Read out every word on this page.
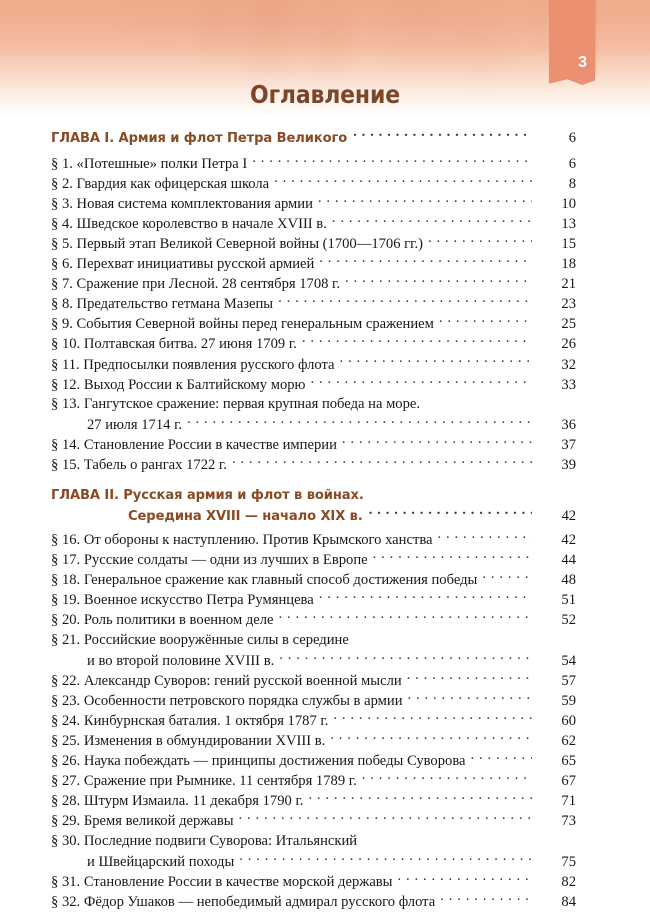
3
Оглавление
ГЛАВА I. Армия и флот Петра Великого . . .	6
§ 1. «Потешные» полки Петра I . . .	6
§ 2. Гвардия как офицерская школа . . .	8
§ 3. Новая система комплектования армии . . .	10
§ 4. Шведское королевство в начале XVIII в. . . .	13
§ 5. Первый этап Великой Северной войны (1700—1706 гг.) . . .	15
§ 6. Перехват инициативы русской армией . . .	18
§ 7. Сражение при Лесной. 28 сентября 1708 г. . . .	21
§ 8. Предательство гетмана Мазепы . . .	23
§ 9. События Северной войны перед генеральным сражением . . .	25
§ 10. Полтавская битва. 27 июня 1709 г. . . .	26
§ 11. Предпосылки появления русского флота . . .	32
§ 12. Выход России к Балтийскому морю . . .	33
§ 13. Гангутское сражение: первая крупная победа на море.
27 июля 1714 г. . . .	36
§ 14. Становление России в качестве империи . . .	37
§ 15. Табель о рангах 1722 г. . . .	39
ГЛАВА II. Русская армия и флот в войнах.
Середина XVIII — начало XIX в. . . .	42
§ 16. От обороны к наступлению. Против Крымского ханства . . .	42
§ 17. Русские солдаты — одни из лучших в Европе . . .	44
§ 18. Генеральное сражение как главный способ достижения победы . . .	48
§ 19. Военное искусство Петра Румянцева . . .	51
§ 20. Роль политики в военном деле . . .	52
§ 21. Российские вооружённые силы в середине
и во второй половине XVIII в. . . .	54
§ 22. Александр Суворов: гений русской военной мысли . . .	57
§ 23. Особенности петровского порядка службы в армии . . .	59
§ 24. Кинбурнская баталия. 1 октября 1787 г. . . .	60
§ 25. Изменения в обмундировании XVIII в. . . .	62
§ 26. Наука побеждать — принципы достижения победы Суворова . . .	65
§ 27. Сражение при Рымнике. 11 сентября 1789 г. . . .	67
§ 28. Штурм Измаила. 11 декабря 1790 г. . . .	71
§ 29. Бремя великой державы . . .	73
§ 30. Последние подвиги Суворова: Итальянский
и Швейцарский походы . . .	75
§ 31. Становление России в качестве морской державы . . .	82
§ 32. Фёдор Ушаков — непобедимый адмирал русского флота . . .	84
